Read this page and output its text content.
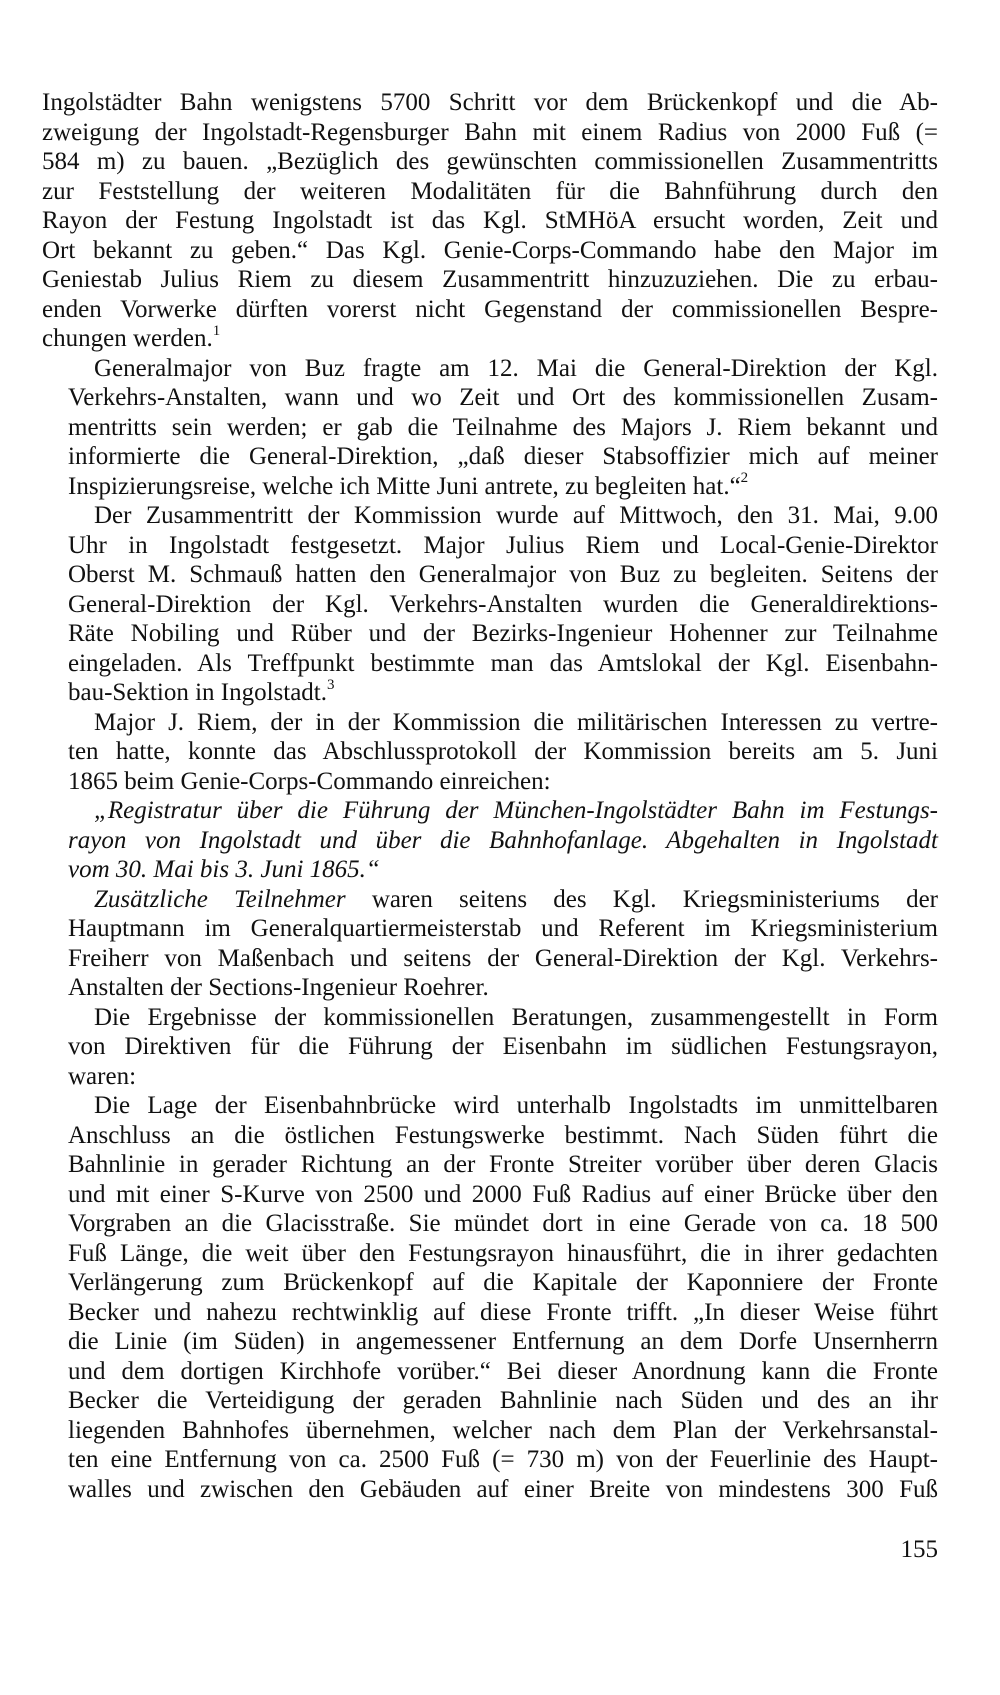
Ingolstädter Bahn wenigstens 5700 Schritt vor dem Brückenkopf und die Ab-
zweigung der Ingolstadt-Regensburger Bahn mit einem Radius von 2000 Fuß (=
584 m) zu bauen. „Bezüglich des gewünschten commissionellen Zusammentritts
zur Feststellung der weiteren Modalitäten für die Bahnführung durch den
Rayon der Festung Ingolstadt ist das Kgl. StMHöA ersucht worden, Zeit und
Ort bekannt zu geben.“ Das Kgl. Genie-Corps-Commando habe den Major im
Geniestab Julius Riem zu diesem Zusammentritt hinzuzuziehen. Die zu erbau-
enden Vorwerke dürften vorerst nicht Gegenstand der commissionellen Bespre-
chungen werden.$^1$

Generalmajor von Buz fragte am 12. Mai die General-Direktion der Kgl.
Verkehrs-Anstalten, wann und wo Zeit und Ort des kommissionellen Zusam-
mentritts sein werden; er gab die Teilnahme des Majors J. Riem bekannt und
informierte die General-Direktion, „daß dieser Stabsoffizier mich auf meiner
Inspizierungsreise, welche ich Mitte Juni antrete, zu begleiten hat.“$^2$

Der Zusammentritt der Kommission wurde auf Mittwoch, den 31. Mai, 9.00
Uhr in Ingolstadt festgesetzt. Major Julius Riem und Local-Genie-Direktor
Oberst M. Schmauß hatten den Generalmajor von Buz zu begleiten. Seitens der
General-Direktion der Kgl. Verkehrs-Anstalten wurden die Generaldirektions-
Räte Nobiling und Rüber und der Bezirks-Ingenieur Hohenner zur Teilnahme
eingeladen. Als Treffpunkt bestimmte man das Amtslokal der Kgl. Eisenbahn-
bau-Sektion in Ingolstadt.$^3$

Major J. Riem, der in der Kommission die militärischen Interessen zu vertre-
ten hatte, konnte das Abschlussprotokoll der Kommission bereits am 5. Juni
1865 beim Genie-Corps-Commando einreichen:

„Registratur über die Führung der München-Ingolstädter Bahn im Festungs-
rayon von Ingolstadt und über die Bahnhofanlage. Abgehalten in Ingolstadt
vom 30. Mai bis 3. Juni 1865.“

Zusätzliche Teilnehmer waren seitens des Kgl. Kriegsministeriums der
Hauptmann im Generalquartiermeisterstab und Referent im Kriegsministerium
Freiherr von Maßenbach und seitens der General-Direktion der Kgl. Verkehrs-
Anstalten der Sections-Ingenieur Roehrer.

Die Ergebnisse der kommissionellen Beratungen, zusammengestellt in Form
von Direktiven für die Führung der Eisenbahn im südlichen Festungsrayon,
waren:

Die Lage der Eisenbahnbrücke wird unterhalb Ingolstadts im unmittelbaren
Anschluss an die östlichen Festungswerke bestimmt. Nach Süden führt die
Bahnlinie in gerader Richtung an der Fronte Streiter vorüber über deren Glacis
und mit einer S-Kurve von 2500 und 2000 Fuß Radius auf einer Brücke über den
Vorgraben an die Glacisstraße. Sie mündet dort in eine Gerade von ca. 18 500
Fuß Länge, die weit über den Festungsrayon hinausführt, die in ihrer gedachten
Verlängerung zum Brückenkopf auf die Kapitale der Kaponniere der Fronte
Becker und nahezu rechtwinklig auf diese Fronte trifft. „In dieser Weise führt
die Linie (im Süden) in angemessener Entfernung an dem Dorfe Unsernherrn
und dem dortigen Kirchhofe vorüber.“ Bei dieser Anordnung kann die Fronte
Becker die Verteidigung der geraden Bahnlinie nach Süden und des an ihr
liegenden Bahnhofes übernehmen, welcher nach dem Plan der Verkehrsanstal-
ten eine Entfernung von ca. 2500 Fuß (= 730 m) von der Feuerlinie des Haupt-
walles und zwischen den Gebäuden auf einer Breite von mindestens 300 Fuß

155
